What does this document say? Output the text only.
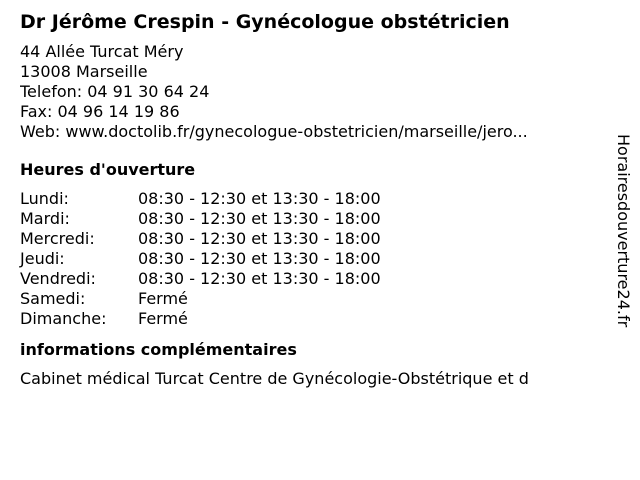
Dr Jérôme Crespin - Gynécologue obstétricien
44 Allée Turcat Méry
13008 Marseille
Telefon: 04 91 30 64 24
Fax: 04 96 14 19 86
Web: www.doctolib.fr/gynecologue-obstetricien/marseille/jero...
Heures d'ouverture
Lundi:	08:30 - 12:30 et 13:30 - 18:00
Mardi:	08:30 - 12:30 et 13:30 - 18:00
Mercredi:	08:30 - 12:30 et 13:30 - 18:00
Jeudi:	08:30 - 12:30 et 13:30 - 18:00
Vendredi:	08:30 - 12:30 et 13:30 - 18:00
Samedi:	Fermé
Dimanche:	Fermé
informations complémentaires
Cabinet médical Turcat Centre de Gynécologie-Obstétrique et d
Horairesdouverture24.fr
